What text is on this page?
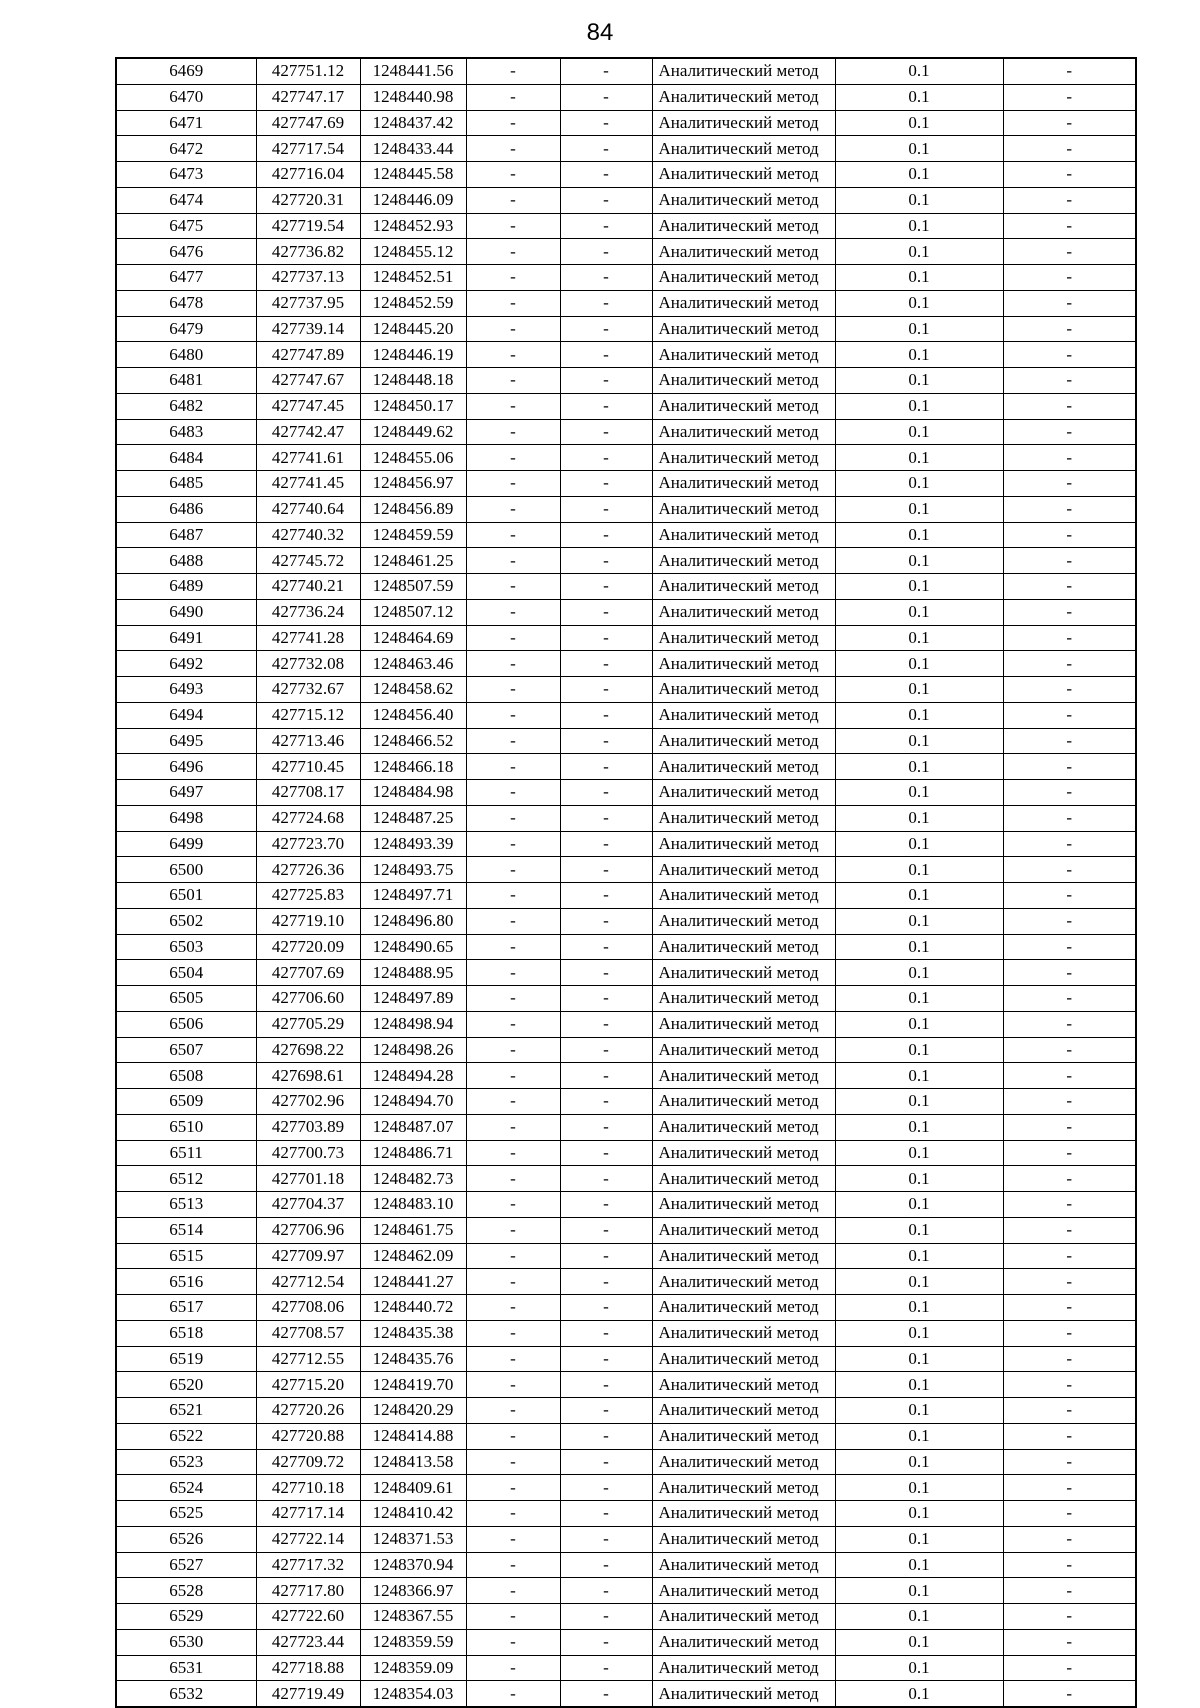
84
6469	427751.12	1248441.56	-	-	Аналитический метод	0.1	-
6470	427747.17	1248440.98	-	-	Аналитический метод	0.1	-
6471	427747.69	1248437.42	-	-	Аналитический метод	0.1	-
6472	427717.54	1248433.44	-	-	Аналитический метод	0.1	-
6473	427716.04	1248445.58	-	-	Аналитический метод	0.1	-
6474	427720.31	1248446.09	-	-	Аналитический метод	0.1	-
6475	427719.54	1248452.93	-	-	Аналитический метод	0.1	-
6476	427736.82	1248455.12	-	-	Аналитический метод	0.1	-
6477	427737.13	1248452.51	-	-	Аналитический метод	0.1	-
6478	427737.95	1248452.59	-	-	Аналитический метод	0.1	-
6479	427739.14	1248445.20	-	-	Аналитический метод	0.1	-
6480	427747.89	1248446.19	-	-	Аналитический метод	0.1	-
6481	427747.67	1248448.18	-	-	Аналитический метод	0.1	-
6482	427747.45	1248450.17	-	-	Аналитический метод	0.1	-
6483	427742.47	1248449.62	-	-	Аналитический метод	0.1	-
6484	427741.61	1248455.06	-	-	Аналитический метод	0.1	-
6485	427741.45	1248456.97	-	-	Аналитический метод	0.1	-
6486	427740.64	1248456.89	-	-	Аналитический метод	0.1	-
6487	427740.32	1248459.59	-	-	Аналитический метод	0.1	-
6488	427745.72	1248461.25	-	-	Аналитический метод	0.1	-
6489	427740.21	1248507.59	-	-	Аналитический метод	0.1	-
6490	427736.24	1248507.12	-	-	Аналитический метод	0.1	-
6491	427741.28	1248464.69	-	-	Аналитический метод	0.1	-
6492	427732.08	1248463.46	-	-	Аналитический метод	0.1	-
6493	427732.67	1248458.62	-	-	Аналитический метод	0.1	-
6494	427715.12	1248456.40	-	-	Аналитический метод	0.1	-
6495	427713.46	1248466.52	-	-	Аналитический метод	0.1	-
6496	427710.45	1248466.18	-	-	Аналитический метод	0.1	-
6497	427708.17	1248484.98	-	-	Аналитический метод	0.1	-
6498	427724.68	1248487.25	-	-	Аналитический метод	0.1	-
6499	427723.70	1248493.39	-	-	Аналитический метод	0.1	-
6500	427726.36	1248493.75	-	-	Аналитический метод	0.1	-
6501	427725.83	1248497.71	-	-	Аналитический метод	0.1	-
6502	427719.10	1248496.80	-	-	Аналитический метод	0.1	-
6503	427720.09	1248490.65	-	-	Аналитический метод	0.1	-
6504	427707.69	1248488.95	-	-	Аналитический метод	0.1	-
6505	427706.60	1248497.89	-	-	Аналитический метод	0.1	-
6506	427705.29	1248498.94	-	-	Аналитический метод	0.1	-
6507	427698.22	1248498.26	-	-	Аналитический метод	0.1	-
6508	427698.61	1248494.28	-	-	Аналитический метод	0.1	-
6509	427702.96	1248494.70	-	-	Аналитический метод	0.1	-
6510	427703.89	1248487.07	-	-	Аналитический метод	0.1	-
6511	427700.73	1248486.71	-	-	Аналитический метод	0.1	-
6512	427701.18	1248482.73	-	-	Аналитический метод	0.1	-
6513	427704.37	1248483.10	-	-	Аналитический метод	0.1	-
6514	427706.96	1248461.75	-	-	Аналитический метод	0.1	-
6515	427709.97	1248462.09	-	-	Аналитический метод	0.1	-
6516	427712.54	1248441.27	-	-	Аналитический метод	0.1	-
6517	427708.06	1248440.72	-	-	Аналитический метод	0.1	-
6518	427708.57	1248435.38	-	-	Аналитический метод	0.1	-
6519	427712.55	1248435.76	-	-	Аналитический метод	0.1	-
6520	427715.20	1248419.70	-	-	Аналитический метод	0.1	-
6521	427720.26	1248420.29	-	-	Аналитический метод	0.1	-
6522	427720.88	1248414.88	-	-	Аналитический метод	0.1	-
6523	427709.72	1248413.58	-	-	Аналитический метод	0.1	-
6524	427710.18	1248409.61	-	-	Аналитический метод	0.1	-
6525	427717.14	1248410.42	-	-	Аналитический метод	0.1	-
6526	427722.14	1248371.53	-	-	Аналитический метод	0.1	-
6527	427717.32	1248370.94	-	-	Аналитический метод	0.1	-
6528	427717.80	1248366.97	-	-	Аналитический метод	0.1	-
6529	427722.60	1248367.55	-	-	Аналитический метод	0.1	-
6530	427723.44	1248359.59	-	-	Аналитический метод	0.1	-
6531	427718.88	1248359.09	-	-	Аналитический метод	0.1	-
6532	427719.49	1248354.03	-	-	Аналитический метод	0.1	-
